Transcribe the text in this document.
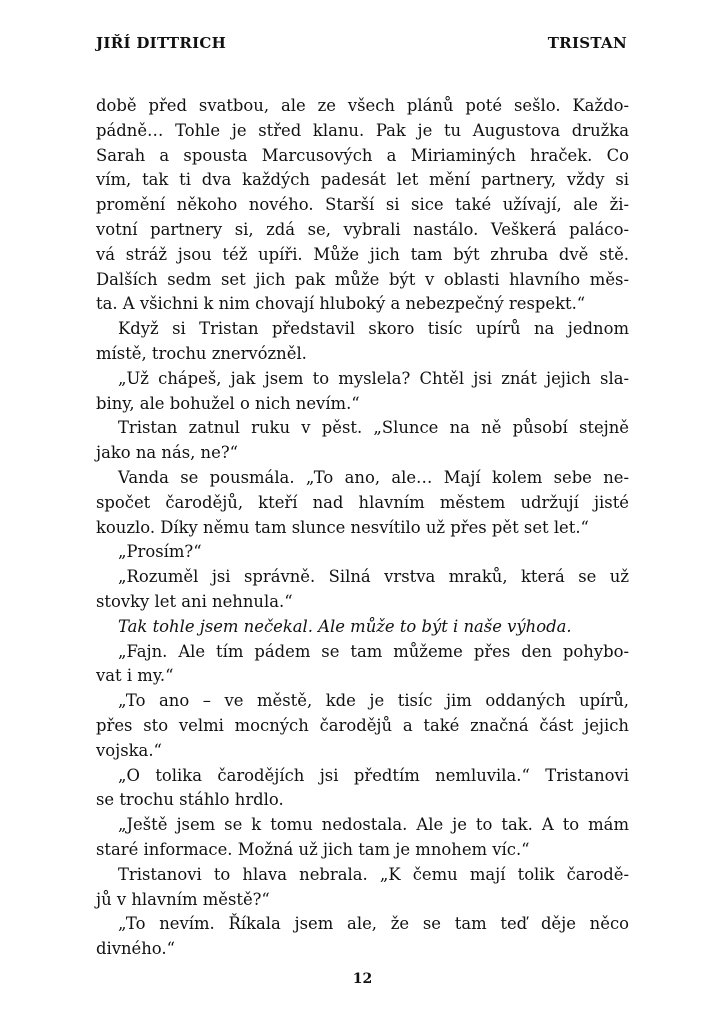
JIŘÍ DITTRICH	TRISTAN
době před svatbou, ale ze všech plánů poté sešlo. Každo-
pádně… Tohle je střed klanu. Pak je tu Augustova družka
Sarah a spousta Marcusových a Miriaminých hraček. Co
vím, tak ti dva každých padesát let mění partnery, vždy si
promění někoho nového. Starší si sice také užívají, ale ži-
votní partnery si, zdá se, vybrali nastálo. Veškerá paláco-
vá stráž jsou též upíři. Může jich tam být zhruba dvě stě.
Dalších sedm set jich pak může být v oblasti hlavního měs-
ta. A všichni k nim chovají hluboký a nebezpečný respekt.“
Když si Tristan představil skoro tisíc upírů na jednom
místě, trochu znervózněl.
„Už chápeš, jak jsem to myslela? Chtěl jsi znát jejich sla-
biny, ale bohužel o nich nevím.“
Tristan zatnul ruku v pěst. „Slunce na ně působí stejně
jako na nás, ne?“
Vanda se pousmála. „To ano, ale… Mají kolem sebe ne-
spočet čarodějů, kteří nad hlavním městem udržují jisté
kouzlo. Díky němu tam slunce nesvítilo už přes pět set let.“
„Prosím?“
„Rozuměl jsi správně. Silná vrstva mraků, která se už
stovky let ani nehnula.“
Tak tohle jsem nečekal. Ale může to být i naše výhoda.
„Fajn. Ale tím pádem se tam můžeme přes den pohybo-
vat i my.“
„To ano – ve městě, kde je tisíc jim oddaných upírů,
přes sto velmi mocných čarodějů a také značná část jejich
vojska.“
„O tolika čarodějích jsi předtím nemluvila.“ Tristanovi
se trochu stáhlo hrdlo.
„Ještě jsem se k tomu nedostala. Ale je to tak. A to mám
staré informace. Možná už jich tam je mnohem víc.“
Tristanovi to hlava nebrala. „K čemu mají tolik čarodě-
jů v hlavním městě?“
„To nevím. Říkala jsem ale, že se tam teď děje něco
divného.“
12
